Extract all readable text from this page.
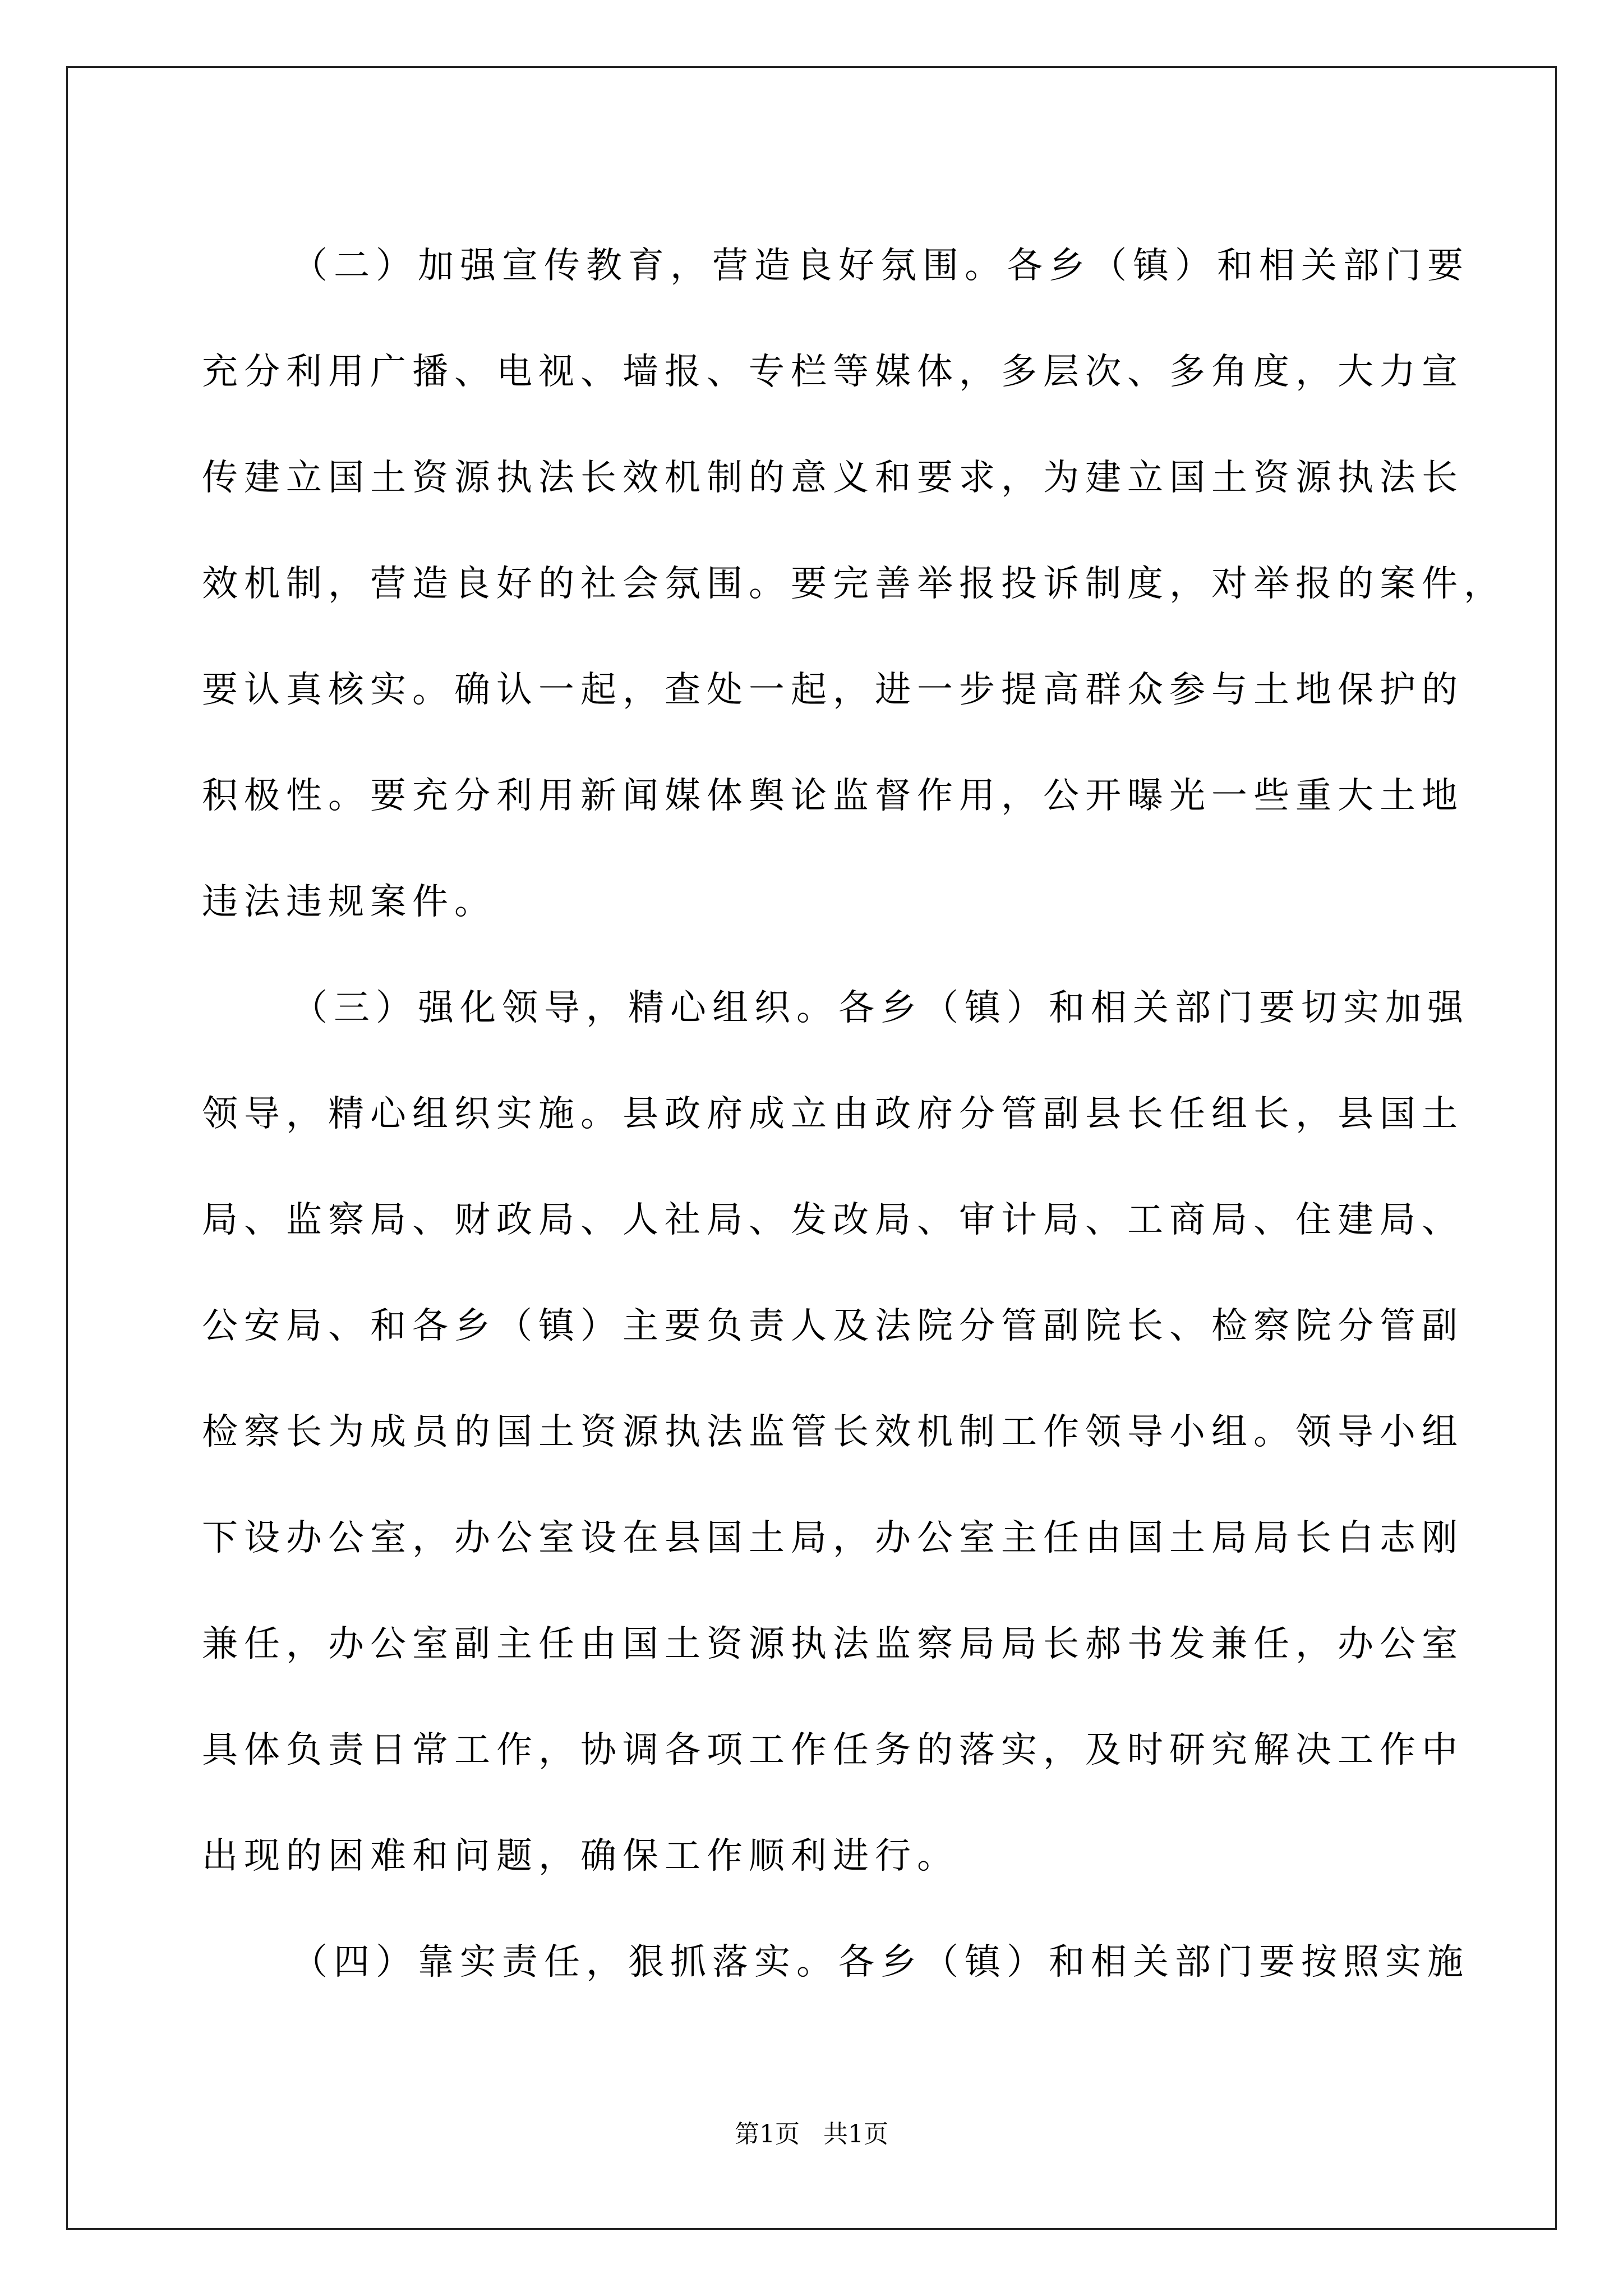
（二）加强宣传教育，营造良好氛围。各乡（镇）和相关部门要
充分利用广播、电视、墙报、专栏等媒体，多层次、多角度，大力宣
传建立国土资源执法长效机制的意义和要求，为建立国土资源执法长
效机制，营造良好的社会氛围。要完善举报投诉制度，对举报的案件，
要认真核实。确认一起，查处一起，进一步提高群众参与土地保护的
积极性。要充分利用新闻媒体舆论监督作用，公开曝光一些重大土地
违法违规案件。
（三）强化领导，精心组织。各乡（镇）和相关部门要切实加强
领导，精心组织实施。县政府成立由政府分管副县长任组长，县国土
局、监察局、财政局、人社局、发改局、审计局、工商局、住建局、
公安局、和各乡（镇）主要负责人及法院分管副院长、检察院分管副
检察长为成员的国土资源执法监管长效机制工作领导小组。领导小组
下设办公室，办公室设在县国土局，办公室主任由国土局局长白志刚
兼任，办公室副主任由国土资源执法监察局局长郝书发兼任，办公室
具体负责日常工作，协调各项工作任务的落实，及时研究解决工作中
出现的困难和问题，确保工作顺利进行。
（四）靠实责任，狠抓落实。各乡（镇）和相关部门要按照实施
第1页   共1页
